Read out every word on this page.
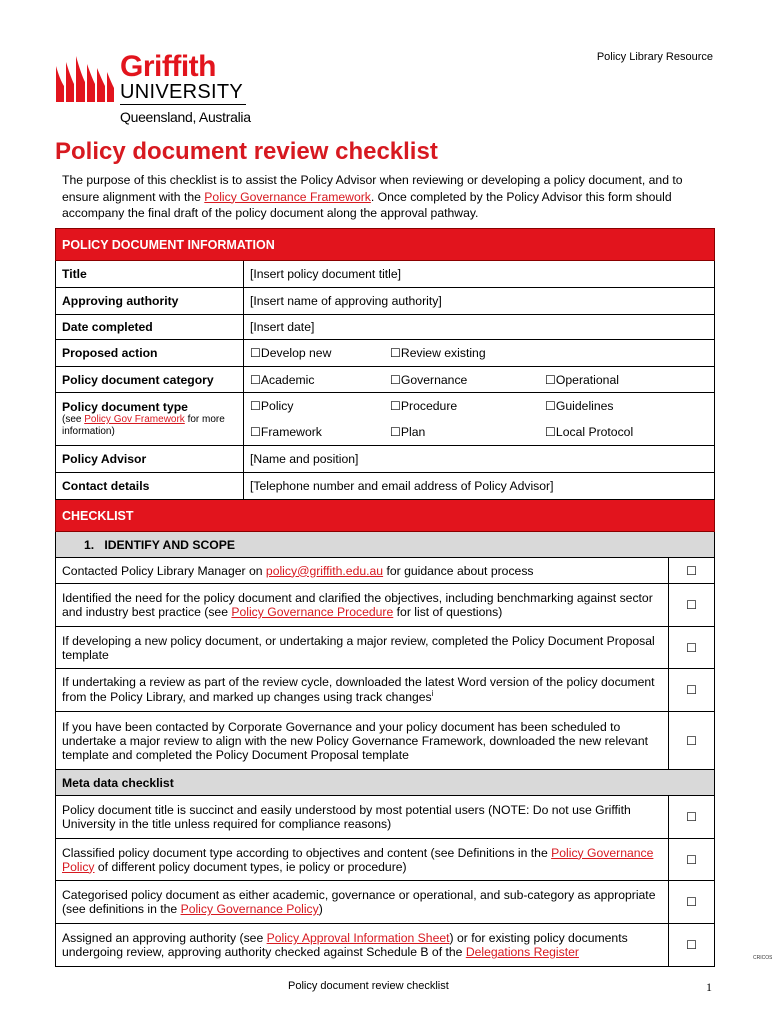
Policy Library Resource
Griffith
UNIVERSITY
Queensland, Australia
Policy document review checklist
The purpose of this checklist is to assist the Policy Advisor when reviewing or developing a policy document, and to ensure alignment with the Policy Governance Framework. Once completed by the Policy Advisor this form should accompany the final draft of the policy document along the approval pathway.
POLICY DOCUMENT INFORMATION		
Title	[Insert policy document title]	
Approving authority	[Insert name of approving authority]	
Date completed	[Insert date]	
Proposed action	☐Develop new ☐Review existing	
Policy document category	☐Academic ☐Governance ☐Operational	
Policy document type
(see Policy Gov Framework for more information)	☐Policy ☐Procedure ☐Guidelines
☐Framework ☐Plan ☐Local Protocol	
Policy Advisor	[Name and position]	
Contact details	[Telephone number and email address of Policy Advisor]	
CHECKLIST		
1.   IDENTIFY AND SCOPE		
Contacted Policy Library Manager on policy@griffith.edu.au for guidance about process		☐
Identified the need for the policy document and clarified the objectives, including benchmarking against sector and industry best practice (see Policy Governance Procedure for list of questions)		☐
If developing a new policy document, or undertaking a major review, completed the Policy Document Proposal template		☐
If undertaking a review as part of the review cycle, downloaded the latest Word version of the policy document from the Policy Library, and marked up changes using track changes$^i$		☐
If you have been contacted by Corporate Governance and your policy document has been scheduled to undertake a major review to align with the new Policy Governance Framework, downloaded the new relevant template and completed the Policy Document Proposal template		☐
Meta data checklist		
Policy document title is succinct and easily understood by most potential users (NOTE: Do not use Griffith University in the title unless required for compliance reasons)		☐
Classified policy document type according to objectives and content (see Definitions in the Policy Governance Policy of different policy document types, ie policy or procedure)		☐
Categorised policy document as either academic, governance or operational, and sub-category as appropriate (see definitions in the Policy Governance Policy)		☐
Assigned an approving authority (see Policy Approval Information Sheet) or for existing policy documents undergoing review, approving authority checked against Schedule B of the Delegations Register		☐
CRICOS
Policy document review checklist	1
